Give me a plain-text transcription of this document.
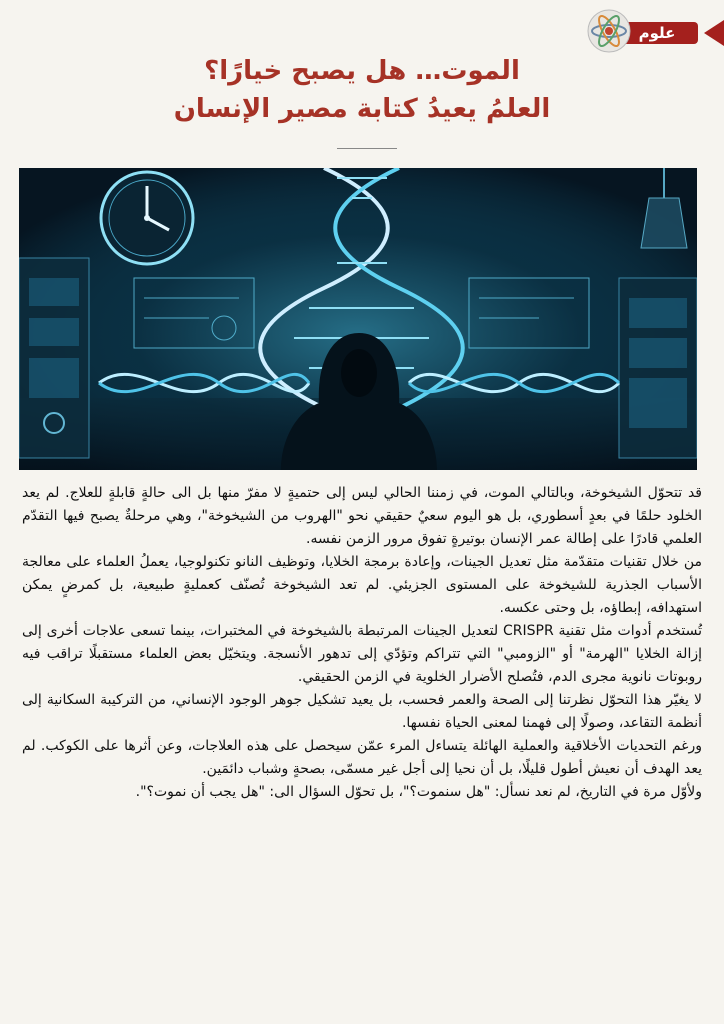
علوم
الموت… هل يصبح خيارًا؟
العلمُ يعيدُ كتابة مصير الإنسان

قد تتحوّل الشيخوخة، وبالتالي الموت، في زمننا الحالي ليس إلى حتميةٍ لا مفرّ منها بل الى حالةٍ قابلةٍ للعلاج. لم يعد الخلود حلمًا في بعدٍ أسطوري، بل هو اليوم سعيٌ حقيقي نحو "الهروب من الشيخوخة"، وهي مرحلةٌ يصبح فيها التقدّم العلمي قادرًا على إطالة عمر الإنسان بوتيرةٍ تفوق مرور الزمن نفسه.

من خلال تقنيات متقدّمة مثل تعديل الجينات، وإعادة برمجة الخلايا، وتوظيف النانو تكنولوجيا، يعملُ العلماء على معالجة الأسباب الجذرية للشيخوخة على المستوى الجزيئي. لم تعد الشيخوخة تُصنّف كعمليةٍ طبيعية، بل كمرضٍ يمكن استهدافه، إبطاؤه، بل وحتى عكسه.

تُستخدم أدوات مثل تقنية CRISPR لتعديل الجينات المرتبطة بالشيخوخة في المختبرات، بينما تسعى علاجات أخرى إلى إزالة الخلايا "الهرمة" أو "الزومبي" التي تتراكم وتؤدّي إلى تدهور الأنسجة. ويتخيّل بعض العلماء مستقبلًا تراقب فيه روبوتات نانوية مجرى الدم، فتُصلح الأضرار الخلوية في الزمن الحقيقي.

لا يغيّر هذا التحوّل نظرتنا إلى الصحة والعمر فحسب، بل يعيد تشكيل جوهر الوجود الإنساني، من التركيبة السكانية إلى أنظمة التقاعد، وصولًا إلى فهمنا لمعنى الحياة نفسها.

ورغم التحديات الأخلاقية والعملية الهائلة يتساءل المرء عمّن سيحصل على هذه العلاجات، وعن أثرها على الكوكب. لم يعد الهدف أن نعيش أطول قليلًا، بل أن نحيا إلى أجل غير مسمّى، بصحةٍ وشباب دائمَين.

ولأوّل مرة في التاريخ، لم نعد نسأل: "هل سنموت؟"، بل تحوّل السؤال الى: "هل يجب أن نموت؟".
